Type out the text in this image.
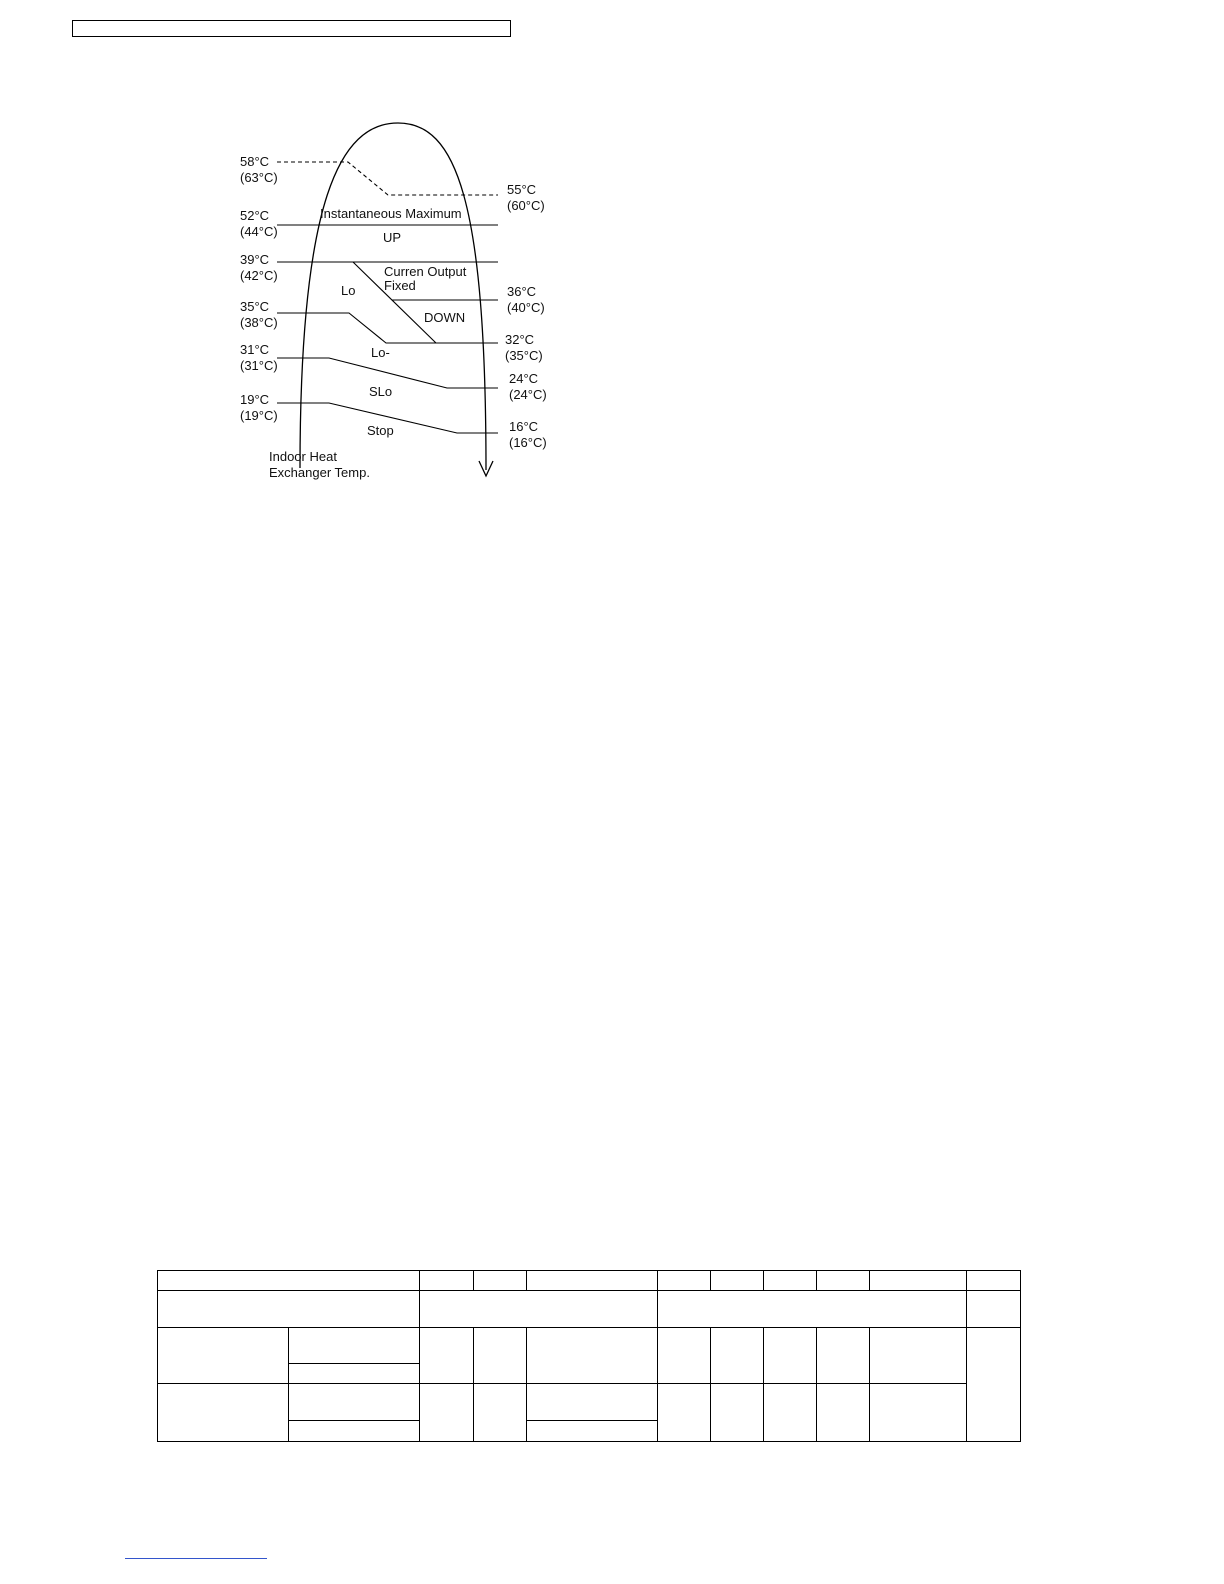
58°C
(63°C)
52°C
(44°C)
39°C
(42°C)
35°C
(38°C)
31°C
(31°C)
19°C
(19°C)
55°C
(60°C)
36°C
(40°C)
32°C
(35°C)
24°C
(24°C)
16°C
(16°C)
Instantaneous Maximum
UP
Curren Output
Fixed
Lo
DOWN
Lo-
SLo
Stop
Indoor Heat
Exchanger Temp.
